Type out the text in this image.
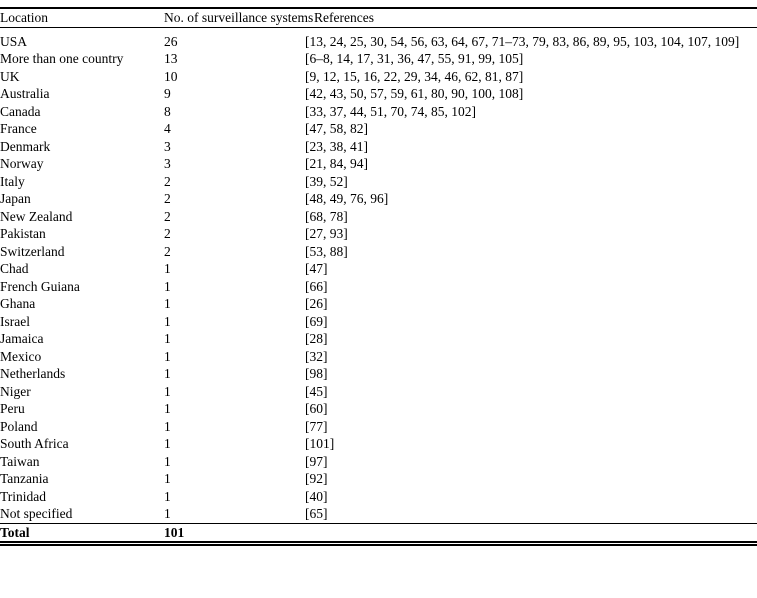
Location	No. of surveillance systems	References
USA	26	[13, 24, 25, 30, 54, 56, 63, 64, 67, 71–73, 79, 83, 86, 89, 95, 103, 104, 107, 109]

More than one country	13	[6–8, 14, 17, 31, 36, 47, 55, 91, 99, 105]

UK	10	[9, 12, 15, 16, 22, 29, 34, 46, 62, 81, 87]

Australia	9	[42, 43, 50, 57, 59, 61, 80, 90, 100, 108]

Canada	8	[33, 37, 44, 51, 70, 74, 85, 102]

France	4	[47, 58, 82]

Denmark	3	[23, 38, 41]

Norway	3	[21, 84, 94]

Italy	2	[39, 52]

Japan	2	[48, 49, 76, 96]

New Zealand	2	[68, 78]

Pakistan	2	[27, 93]

Switzerland	2	[53, 88]

Chad	1	[47]

French Guiana	1	[66]

Ghana	1	[26]

Israel	1	[69]

Jamaica	1	[28]

Mexico	1	[32]

Netherlands	1	[98]

Niger	1	[45]

Peru	1	[60]

Poland	1	[77]

South Africa	1	[101]

Taiwan	1	[97]

Tanzania	1	[92]

Trinidad	1	[40]

Not specified	1	[65]

Total	101	
